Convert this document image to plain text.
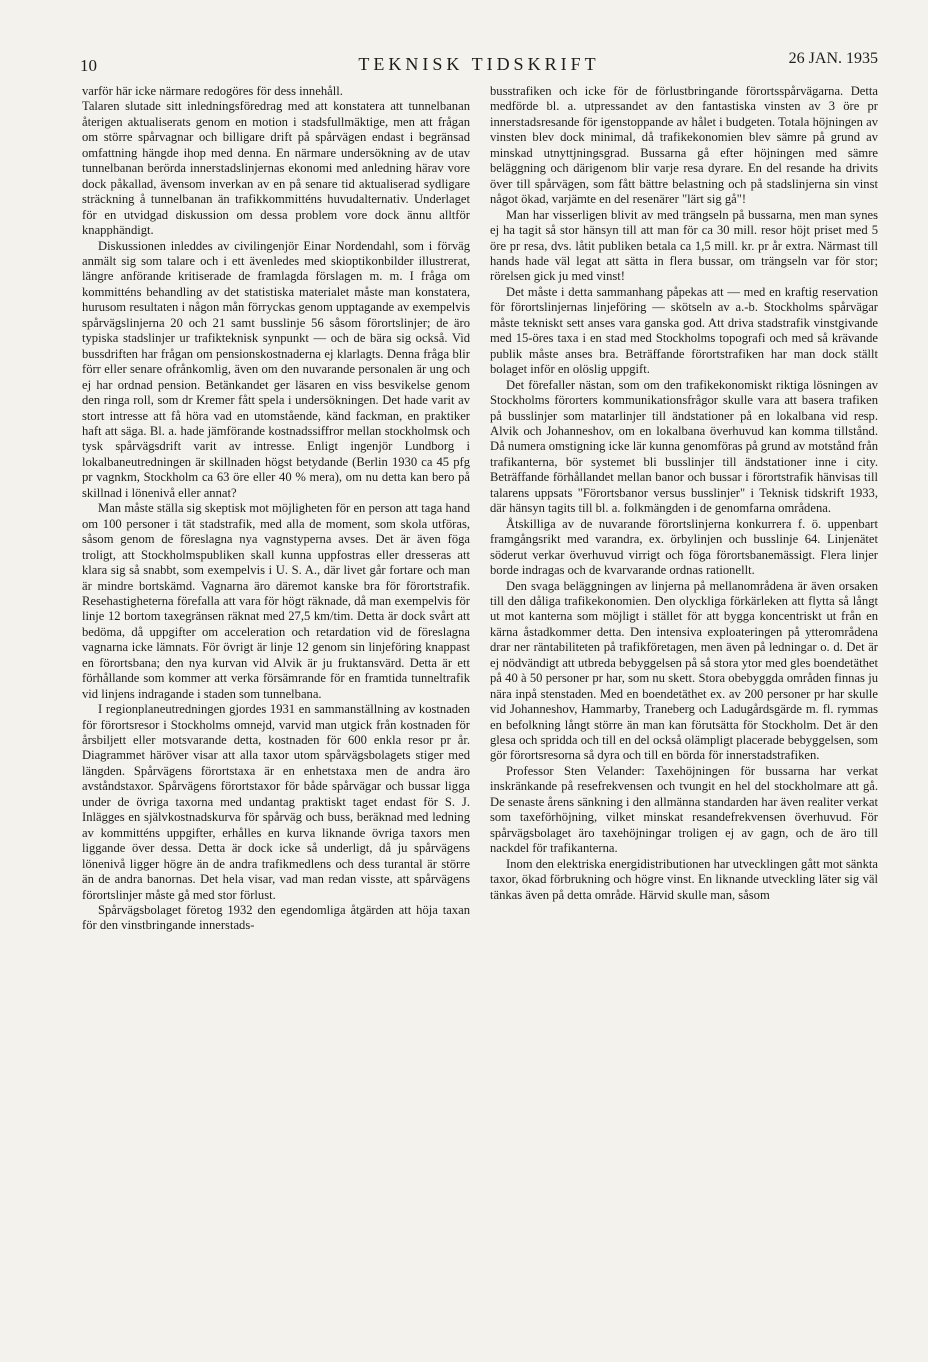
10	TEKNISK TIDSKRIFT	26 JAN. 1935

varför här icke närmare redogöres för dess innehåll.

Talaren slutade sitt inledningsföredrag med att konstatera att tunnelbanan återigen aktualiserats genom en motion i stadsfullmäktige, men att frågan om större spårvagnar och billigare drift på spårvägen endast i begränsad omfattning hängde ihop med denna. En närmare undersökning av de utav tunnelbanan berörda innerstadslinjernas ekonomi med anledning härav vore dock påkallad, ävensom inverkan av en på senare tid aktualiserad sydligare sträckning å tunnelbanan än trafikkommitténs huvudalternativ. Underlaget för en utvidgad diskussion om dessa problem vore dock ännu alltför knapphändigt.

Diskussionen inleddes av civilingenjör Einar Nordendahl, som i förväg anmält sig som talare och i ett ävenledes med skioptikonbilder illustrerat, längre anförande kritiserade de framlagda förslagen m. m. I fråga om kommitténs behandling av det statistiska materialet måste man konstatera, hurusom resultaten i någon mån förryckas genom upptagande av exempelvis spårvägslinjerna 20 och 21 samt busslinje 56 såsom förortslinjer; de äro typiska stadslinjer ur trafikteknisk synpunkt — och de bära sig också. Vid bussdriften har frågan om pensionskostnaderna ej klarlagts. Denna fråga blir förr eller senare ofrånkomlig, även om den nuvarande personalen är ung och ej har ordnad pension. Betänkandet ger läsaren en viss besvikelse genom den ringa roll, som dr Kremer fått spela i undersökningen. Det hade varit av stort intresse att få höra vad en utomstående, känd fackman, en praktiker haft att säga. Bl. a. hade jämförande kostnadssiffror mellan stockholmsk och tysk spårvägsdrift varit av intresse. Enligt ingenjör Lundborg i lokalbaneutredningen är skillnaden högst betydande (Berlin 1930 ca 45 pfg pr vagnkm, Stockholm ca 63 öre eller 40 % mera), om nu detta kan bero på skillnad i lönenivå eller annat?

Man måste ställa sig skeptisk mot möjligheten för en person att taga hand om 100 personer i tät stadstrafik, med alla de moment, som skola utföras, såsom genom de föreslagna nya vagnstyperna avses. Det är även föga troligt, att Stockholmspubliken skall kunna uppfostras eller dresseras att klara sig så snabbt, som exempelvis i U. S. A., där livet går fortare och man är mindre bortskämd. Vagnarna äro däremot kanske bra för förortstrafik. Resehastigheterna förefalla att vara för högt räknade, då man exempelvis för linje 12 bortom taxegränsen räknat med 27,5 km/tim. Detta är dock svårt att bedöma, då uppgifter om acceleration och retardation vid de föreslagna vagnarna icke lämnats. För övrigt är linje 12 genom sin linjeföring knappast en förortsbana; den nya kurvan vid Alvik är ju fruktansvärd. Detta är ett förhållande som kommer att verka försämrande för en framtida tunneltrafik vid linjens indragande i staden som tunnelbana.

I regionplaneutredningen gjordes 1931 en sammanställning av kostnaden för förortsresor i Stockholms omnejd, varvid man utgick från kostnaden för årsbiljett eller motsvarande detta, kostnaden för 600 enkla resor pr år. Diagrammet häröver visar att alla taxor utom spårvägsbolagets stiger med längden. Spårvägens förortstaxa är en enhetstaxa men de andra äro avståndstaxor. Spårvägens förortstaxor för både spårvägar och bussar ligga under de övriga taxorna med undantag praktiskt taget endast för S. J. Inlägges en självkostnadskurva för spårväg och buss, beräknad med ledning av kommitténs uppgifter, erhålles en kurva liknande övriga taxors men liggande över dessa. Detta är dock icke så underligt, då ju spårvägens lönenivå ligger högre än de andra trafikmedlens och dess turantal är större än de andra banornas. Det hela visar, vad man redan visste, att spårvägens förortslinjer måste gå med stor förlust.

Spårvägsbolaget företog 1932 den egendomliga åtgärden att höja taxan för den vinstbringande innerstads-

busstrafiken och icke för de förlustbringande förortsspårvägarna. Detta medförde bl. a. utpressandet av den fantastiska vinsten av 3 öre pr innerstadsresande för igenstoppande av hålet i budgeten. Totala höjningen av vinsten blev dock minimal, då trafikekonomien blev sämre på grund av minskad utnyttjningsgrad. Bussarna gå efter höjningen med sämre beläggning och därigenom blir varje resa dyrare. En del resande ha drivits över till spårvägen, som fått bättre belastning och på stadslinjerna sin vinst något ökad, varjämte en del resenärer "lärt sig gå"!

Man har visserligen blivit av med trängseln på bussarna, men man synes ej ha tagit så stor hänsyn till att man för ca 30 mill. resor höjt priset med 5 öre pr resa, dvs. låtit publiken betala ca 1,5 mill. kr. pr år extra. Närmast till hands hade väl legat att sätta in flera bussar, om trängseln var för stor; rörelsen gick ju med vinst!

Det måste i detta sammanhang påpekas att — med en kraftig reservation för förortslinjernas linjeföring — skötseln av a.-b. Stockholms spårvägar måste tekniskt sett anses vara ganska god. Att driva stadstrafik vinstgivande med 15-öres taxa i en stad med Stockholms topografi och med så krävande publik måste anses bra. Beträffande förortstrafiken har man dock ställt bolaget inför en olöslig uppgift.

Det förefaller nästan, som om den trafikekonomiskt riktiga lösningen av Stockholms förorters kommunikationsfrågor skulle vara att basera trafiken på busslinjer som matarlinjer till ändstationer på en lokalbana vid resp. Alvik och Johanneshov, om en lokalbana överhuvud kan komma tillstånd. Då numera omstigning icke lär kunna genomföras på grund av motstånd från trafikanterna, bör systemet bli busslinjer till ändstationer inne i city. Beträffande förhållandet mellan banor och bussar i förortstrafik hänvisas till talarens uppsats "Förortsbanor versus busslinjer" i Teknisk tidskrift 1933, där hänsyn tagits till bl. a. folkmängden i de genomfarna områdena.

Åtskilliga av de nuvarande förortslinjerna konkurrera f. ö. uppenbart framgångsrikt med varandra, ex. örbylinjen och busslinje 64. Linjenätet söderut verkar överhuvud virrigt och föga förortsbanemässigt. Flera linjer borde indragas och de kvarvarande ordnas rationellt.

Den svaga beläggningen av linjerna på mellanområdena är även orsaken till den dåliga trafikekonomien. Den olyckliga förkärleken att flytta så långt ut mot kanterna som möjligt i stället för att bygga koncentriskt ut från en kärna åstadkommer detta. Den intensiva exploateringen på ytterområdena drar ner räntabiliteten på trafikföretagen, men även på ledningar o. d. Det är ej nödvändigt att utbreda bebyggelsen på så stora ytor med gles boendetäthet på 40 à 50 personer pr har, som nu skett. Stora obebyggda områden finnas ju nära inpå stenstaden. Med en boendetäthet ex. av 200 personer pr har skulle vid Johanneshov, Hammarby, Traneberg och Ladugårdsgärde m. fl. rymmas en befolkning långt större än man kan förutsätta för Stockholm. Det är den glesa och spridda och till en del också olämpligt placerade bebyggelsen, som gör förortsresorna så dyra och till en börda för innerstadstrafiken.

Professor Sten Velander: Taxehöjningen för bussarna har verkat inskränkande på resefrekvensen och tvungit en hel del stockholmare att gå. De senaste årens sänkning i den allmänna standarden har även realiter verkat som taxeförhöjning, vilket minskat resandefrekvensen överhuvud. För spårvägsbolaget äro taxehöjningar troligen ej av gagn, och de äro till nackdel för trafikanterna.

Inom den elektriska energidistributionen har utvecklingen gått mot sänkta taxor, ökad förbrukning och högre vinst. En liknande utveckling läter sig väl tänkas även på detta område. Härvid skulle man, såsom
